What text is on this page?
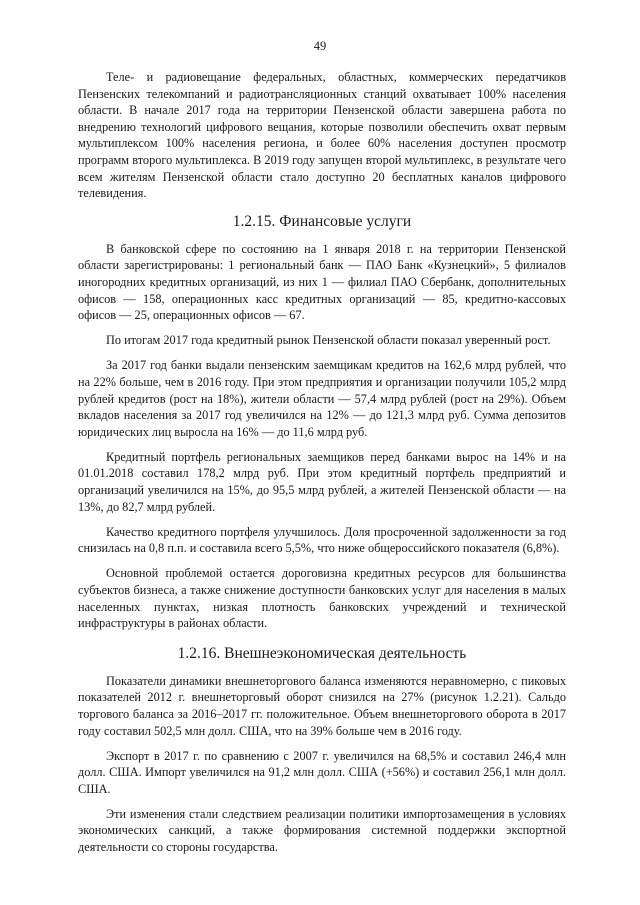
49

Теле- и радиовещание федеральных, областных, коммерческих передатчиков Пензенских телекомпаний и радиотрансляционных станций охватывает 100% населения области. В начале 2017 года на территории Пензенской области завершена работа по внедрению технологий цифрового вещания, которые позволили обеспечить охват первым мультиплексом 100% населения региона, и более 60% населения доступен просмотр программ второго мультиплекса. В 2019 году запущен второй мультиплекс, в результате чего всем жителям Пензенской области стало доступно 20 бесплатных каналов цифрового телевидения.

1.2.15. Финансовые услуги

В банковской сфере по состоянию на 1 января 2018 г. на территории Пензенской области зарегистрированы: 1 региональный банк — ПАО Банк «Кузнецкий», 5 филиалов иногородних кредитных организаций, из них 1 — филиал ПАО Сбербанк, дополнительных офисов — 158, операционных касс кредитных организаций — 85, кредитно-кассовых офисов — 25, операционных офисов — 67.

По итогам 2017 года кредитный рынок Пензенской области показал уверенный рост.

За 2017 год банки выдали пензенским заемщикам кредитов на 162,6 млрд рублей, что на 22% больше, чем в 2016 году. При этом предприятия и организации получили 105,2 млрд рублей кредитов (рост на 18%), жители области — 57,4 млрд рублей (рост на 29%). Объем вкладов населения за 2017 год увеличился на 12% — до 121,3 млрд руб. Сумма депозитов юридических лиц выросла на 16% — до 11,6 млрд руб.

Кредитный портфель региональных заемщиков перед банками вырос на 14% и на 01.01.2018 составил 178,2 млрд руб. При этом кредитный портфель предприятий и организаций увеличился на 15%, до 95,5 млрд рублей, а жителей Пензенской области — на 13%, до 82,7 млрд рублей.

Качество кредитного портфеля улучшилось. Доля просроченной задолженности за год снизилась на 0,8 п.п. и составила всего 5,5%, что ниже общероссийского показателя (6,8%).

Основной проблемой остается дороговизна кредитных ресурсов для большинства субъектов бизнеса, а также снижение доступности банковских услуг для населения в малых населенных пунктах, низкая плотность банковских учреждений и технической инфраструктуры в районах области.

1.2.16. Внешнеэкономическая деятельность

Показатели динамики внешнеторгового баланса изменяются неравномерно, с пиковых показателей 2012 г. внешнеторговый оборот снизился на 27% (рисунок 1.2.21). Сальдо торгового баланса за 2016–2017 гг. положительное. Объем внешнеторгового оборота в 2017 году составил 502,5 млн долл. США, что на 39% больше чем в 2016 году.

Экспорт в 2017 г. по сравнению с 2007 г. увеличился на 68,5% и составил 246,4 млн долл. США. Импорт увеличился на 91,2 млн долл. США (+56%) и составил 256,1 млн долл. США.

Эти изменения стали следствием реализации политики импортозамещения в условиях экономических санкций, а также формирования системной поддержки экспортной деятельности со стороны государства.
